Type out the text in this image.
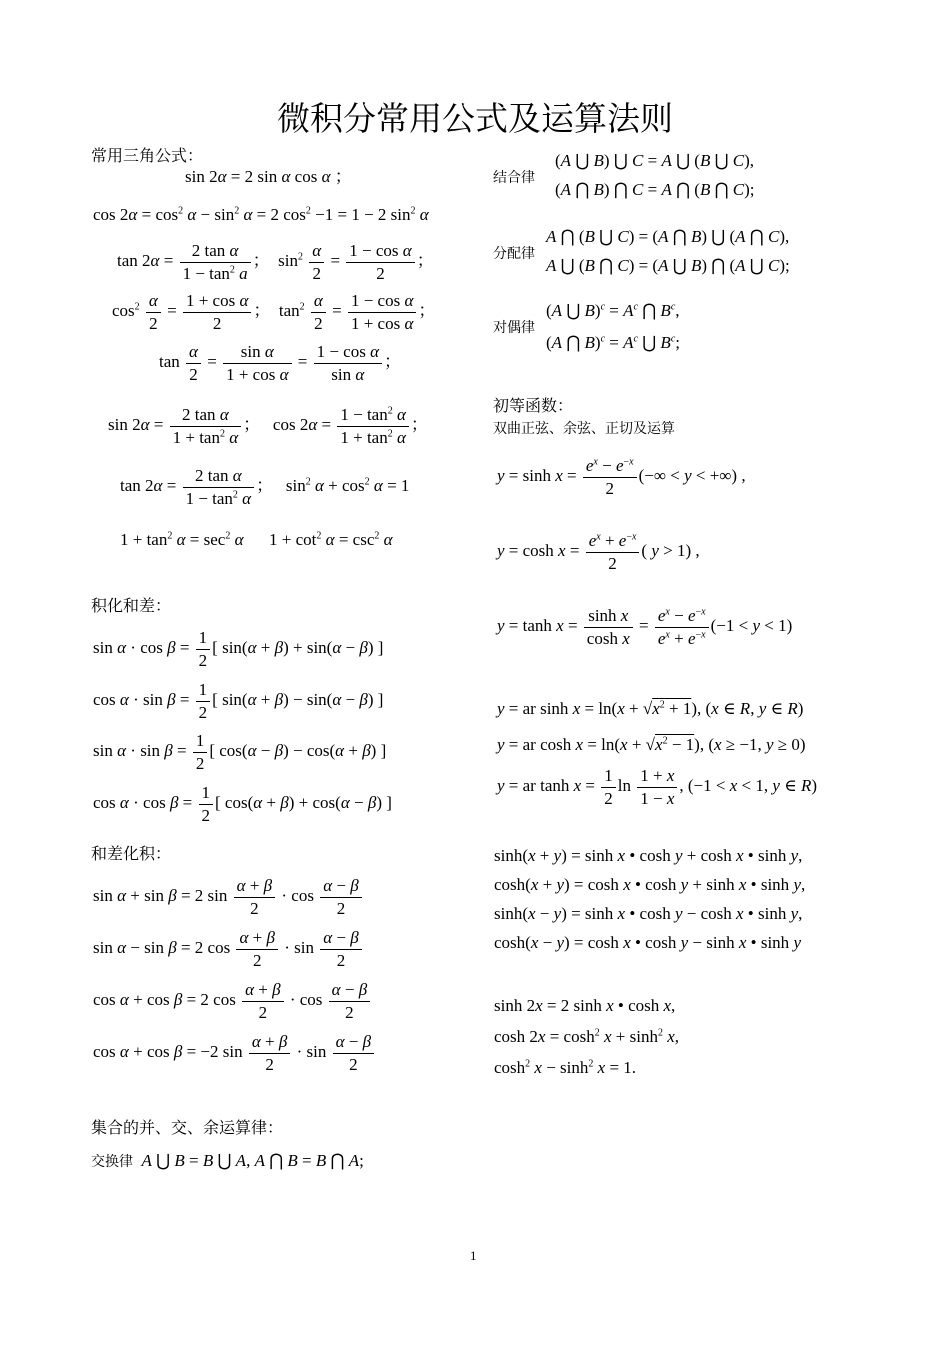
微积分常用公式及运算法则
常用三角公式：
sin 2α = 2 sin α cos α ；
$\cos 2\alpha = \cos^2 \alpha - \sin^2 \alpha = 2$ $\cos^2 -1 = 1 - 2$ $\sin^2 \alpha$
$\tan 2\alpha = \frac{\text{2 tan α}}{1 - \tan^2 a}$ ；  $\sin^2 \frac{\alpha}{2} = \frac{\text{1 − cos α}}{2}$ ；
$\cos^2 \frac{\alpha}{2} = \frac{\text{1 + cos α}}{2}$ ；  $\tan^2 \frac{\alpha}{2} = \frac{\text{1 − cos α}}{\text{1 + cos α}}$ ；
$\tan \frac{\alpha}{2} = \frac{\text{sin α}}{\text{1 + cos α}} = \frac{\text{1 − cos α}}{\text{sin α}}$ ；
$\sin 2\alpha = \frac{\text{2 tan α}}{1 + \tan^2 \alpha}$ ；   $\cos 2\alpha = \frac{1 - \tan^2 \alpha}{1 + \tan^2 \alpha}$ ；
$\tan 2\alpha = \frac{\text{2 tan α}}{1 - \tan^2 \alpha}$ ；   $\sin^2 \alpha + \cos^2 \alpha = 1$
$1 + \tan^2 \alpha = \sec^2 \alpha$      $1 + \cot^2 \alpha = \csc^2 \alpha$
积化和差：
$\sin \alpha \cdot \cos \beta = \frac{1}{2}$ [ sin(α + β) + sin(α − β) ]
$\cos \alpha \cdot \sin \beta = \frac{1}{2}$ [ sin(α + β) − sin(α − β) ]
$\sin \alpha \cdot \sin \beta = \frac{1}{2}$ [ cos(α − β) − cos(α + β) ]
$\cos \alpha \cdot \cos \beta = \frac{1}{2}$ [ cos(α + β) + cos(α − β) ]
和差化积：
sin α + sin β = 2 $\sin \frac{\alpha + \beta}{2} \cdot \cos \frac{\alpha - \beta}{2}$
sin α − sin β = 2 $\cos \frac{\alpha + \beta}{2} \cdot \sin \frac{\alpha - \beta}{2}$
cos α + cos β = 2 $\cos \frac{\alpha + \beta}{2} \cdot \cos \frac{\alpha - \beta}{2}$
cos α + cos β = −2 $\sin \frac{\alpha + \beta}{2} \cdot \sin \frac{\alpha - \beta}{2}$
集合的并、交、余运算律：
交换律 A ⋃ B = B ⋃ A, A ⋂ B = B ⋂ A;
结合律
(A ⋃ B) ⋃ C = A ⋃ (B ⋃ C),
(A ⋂ B) ⋂ C = A ⋂ (B ⋂ C);
分配律
A ⋂ (B ⋃ C) = (A ⋂ B) ⋃ (A ⋂ C),
A ⋃ (B ⋂ C) = (A ⋃ B) ⋂ (A ⋃ C);
对偶律
(A ⋃ $B)^c = A^c$ ⋂ $B^c$,
(A ⋂ $B)^c = A^c$ ⋃ $B^c$;
初等函数：
双曲正弦、余弦、正切及运算
$y = \sinh x = \frac{e^x - e^{-x}}{2}$ (−∞ < y < +∞) ,
$y = \cosh x = \frac{e^x + e^{-x}}{2}$ ( y > 1) ,
$y = \tanh x = \frac{\text{sinh x}}{\text{cosh x}} = \frac{e^x - e^{-x}}{e^x + e^{-x}} (-1 < y < 1)$
y = ar $\sinh x = \ln(x + √x^2 + 1)$, (x ∈ R, y ∈ R)
y = ar $\cosh x = \ln(x + √x^2 - 1)$, (x ≥ −1, y ≥ 0)
y = ar $\tanh x = \frac{1}{2}$ $\ln \frac{1 + x}{1 - x}$ , (−1 < x < 1, y ∈ R)
sinh(x + y) = sinh x • cosh y + cosh x • sinh y,
cosh(x + y) = cosh x • cosh y + sinh x • sinh y,
sinh(x − y) = sinh x • cosh y − cosh x • sinh y,
cosh(x − y) = cosh x • cosh y − sinh x • sinh y
sinh 2x = 2 sinh x • cosh x,
$\cosh 2x = \cosh^2 x + \sinh^2 x$,
$\cosh^2 x - \sinh^2 x = 1$.
1
